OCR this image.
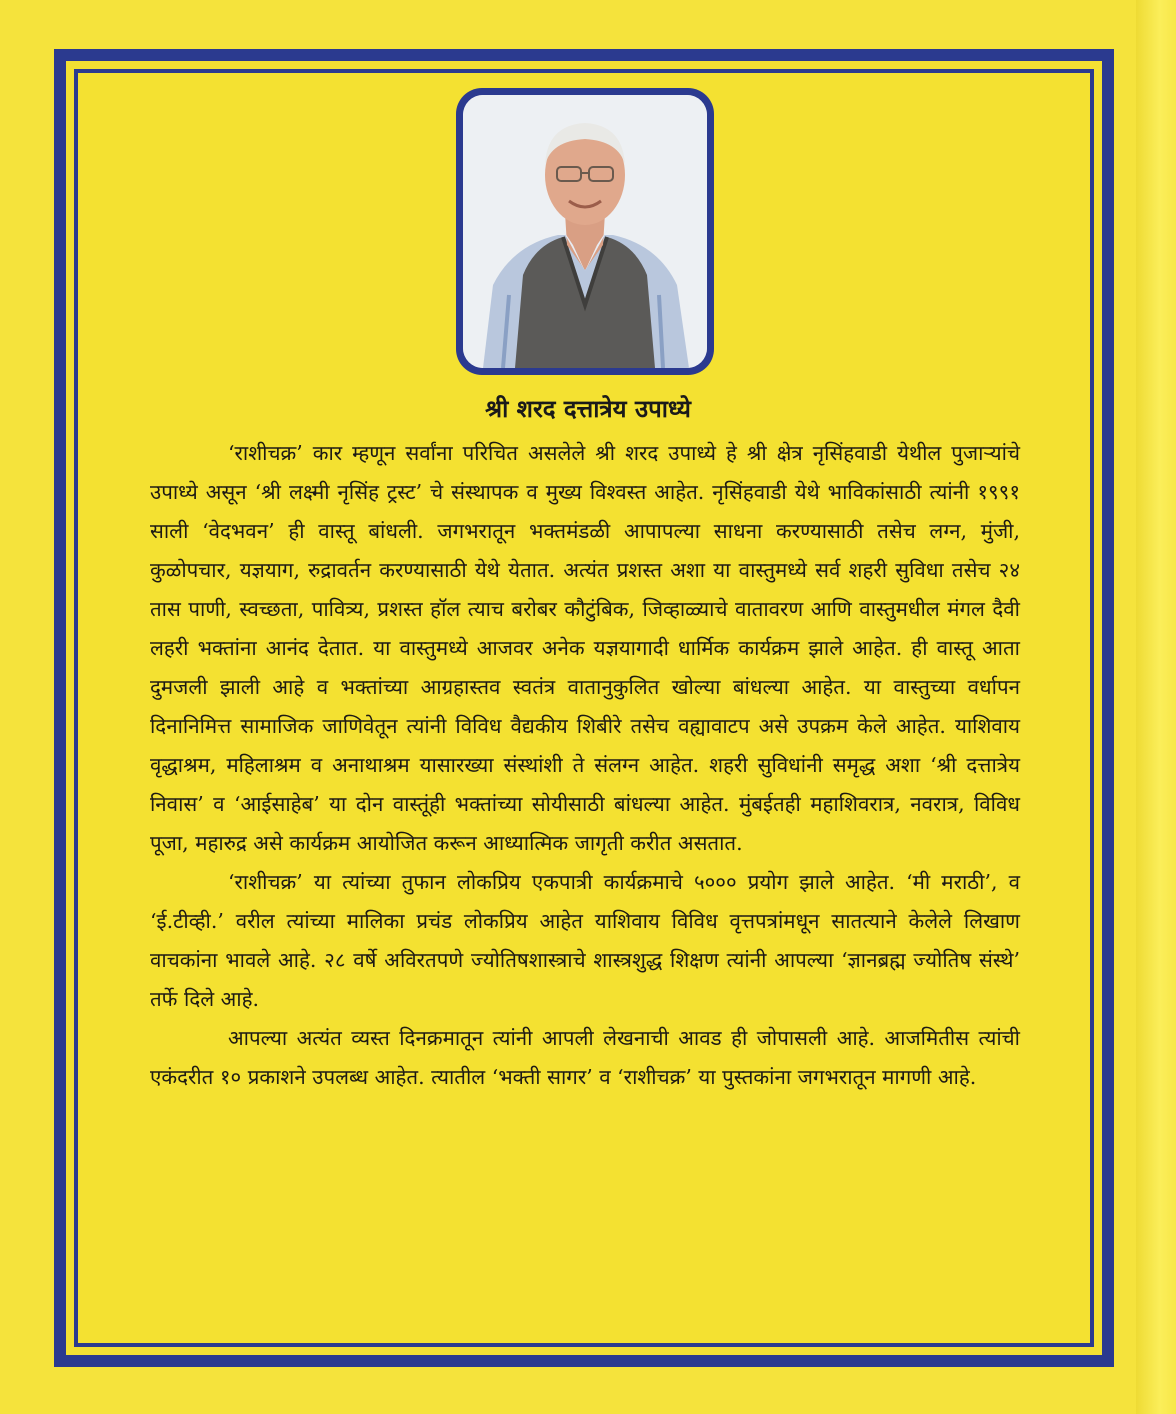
श्री शरद दत्तात्रेय उपाध्ये

‘राशीचक्र’ कार म्हणून सर्वांना परिचित असलेले श्री शरद उपाध्ये हे श्री क्षेत्र नृसिंहवाडी येथील पुजाऱ्यांचे उपाध्ये असून ‘श्री लक्ष्मी नृसिंह ट्रस्ट’ चे संस्थापक व मुख्य विश्वस्त आहेत. नृसिंहवाडी येथे भाविकांसाठी त्यांनी १९९१ साली ‘वेदभवन’ ही वास्तू बांधली. जगभरातून भक्तमंडळी आपापल्या साधना करण्यासाठी तसेच लग्न, मुंजी, कुळोपचार, यज्ञयाग, रुद्रावर्तन करण्यासाठी येथे येतात. अत्यंत प्रशस्त अशा या वास्तुमध्ये सर्व शहरी सुविधा तसेच २४ तास पाणी, स्वच्छता, पावित्र्य, प्रशस्त हॉल त्याच बरोबर कौटुंबिक, जिव्हाळ्याचे वातावरण आणि वास्तुमधील मंगल दैवी लहरी भक्तांना आनंद देतात. या वास्तुमध्ये आजवर अनेक यज्ञयागादी धार्मिक कार्यक्रम झाले आहेत. ही वास्तू आता दुमजली झाली आहे व भक्तांच्या आग्रहास्तव स्वतंत्र वातानुकुलित खोल्या बांधल्या आहेत. या वास्तुच्या वर्धापन दिनानिमित्त सामाजिक जाणिवेतून त्यांनी विविध वैद्यकीय शिबीरे तसेच वह्यावाटप असे उपक्रम केले आहेत. याशिवाय वृद्धाश्रम, महिलाश्रम व अनाथाश्रम यासारख्या संस्थांशी ते संलग्न आहेत. शहरी सुविधांनी समृद्ध अशा ‘श्री दत्तात्रेय निवास’ व ‘आईसाहेब’ या दोन वास्तूंही भक्तांच्या सोयीसाठी बांधल्या आहेत. मुंबईतही महाशिवरात्र, नवरात्र, विविध पूजा, महारुद्र असे कार्यक्रम आयोजित करून आध्यात्मिक जागृती करीत असतात.

‘राशीचक्र’ या त्यांच्या तुफान लोकप्रिय एकपात्री कार्यक्रमाचे ५००० प्रयोग झाले आहेत. ‘मी मराठी’, व ‘ई.टीव्ही.’ वरील त्यांच्या मालिका प्रचंड लोकप्रिय आहेत याशिवाय विविध वृत्तपत्रांमधून सातत्याने केलेले लिखाण वाचकांना भावले आहे. २८ वर्षे अविरतपणे ज्योतिषशास्त्राचे शास्त्रशुद्ध शिक्षण त्यांनी आपल्या ‘ज्ञानब्रह्म ज्योतिष संस्थे’ तर्फे दिले आहे.

आपल्या अत्यंत व्यस्त दिनक्रमातून त्यांनी आपली लेखनाची आवड ही जोपासली आहे. आजमितीस त्यांची एकंदरीत १० प्रकाशने उपलब्ध आहेत. त्यातील ‘भक्ती सागर’ व ‘राशीचक्र’ या पुस्तकांना जगभरातून मागणी आहे.
